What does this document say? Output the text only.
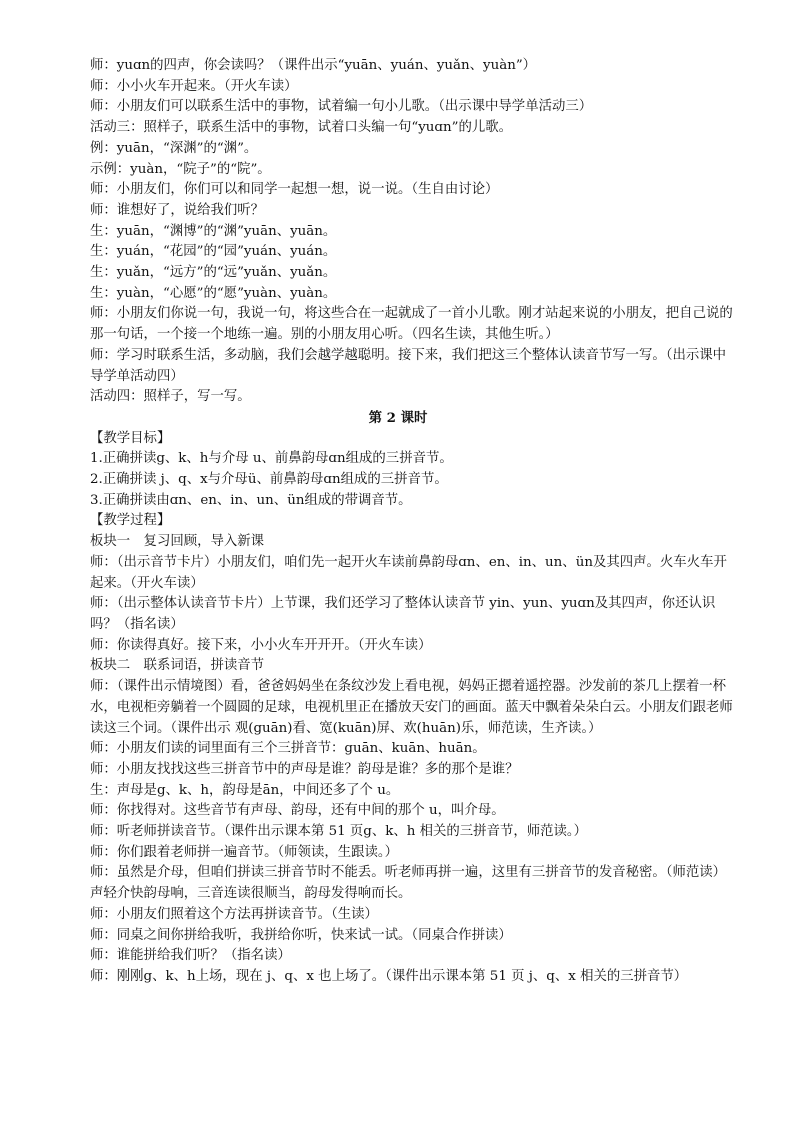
师：yuɑn的四声，你会读吗？（课件出示“yuān、yuán、yuǎn、yuàn”）
师：小小火车开起来。（开火车读）
师：小朋友们可以联系生活中的事物，试着编一句小儿歌。（出示课中导学单活动三）
活动三：照样子，联系生活中的事物，试着口头编一句“yuɑn”的儿歌。
例：yuān，“深渊”的“渊”。
示例：yuàn，“院子”的“院”。
师：小朋友们，你们可以和同学一起想一想，说一说。（生自由讨论）
师：谁想好了，说给我们听？
生：yuān，“渊博”的“渊”yuān、yuān。
生：yuán，“花园”的“园”yuán、yuán。
生：yuǎn，“远方”的“远”yuǎn、yuǎn。
生：yuàn，“心愿”的“愿”yuàn、yuàn。
师：小朋友们你说一句，我说一句，将这些合在一起就成了一首小儿歌。刚才站起来说的小朋友，把自己说的那一句话，一个接一个地练一遍。别的小朋友用心听。（四名生读，其他生听。）
师：学习时联系生活，多动脑，我们会越学越聪明。接下来，我们把这三个整体认读音节写一写。（出示课中导学单活动四）
活动四：照样子，写一写。
第 2 课时
【教学目标】
1.正确拼读g、k、h与介母 u、前鼻韵母ɑn组成的三拼音节。
2.正确拼读 j、q、x与介母ü、前鼻韵母ɑn组成的三拼音节。
3.正确拼读由ɑn、en、in、un、ün组成的带调音节。
【教学过程】
板块一　复习回顾，导入新课
师：（出示音节卡片）小朋友们，咱们先一起开火车读前鼻韵母ɑn、en、in、un、ün及其四声。火车火车开起来。（开火车读）
师：（出示整体认读音节卡片）上节课，我们还学习了整体认读音节 yin、yun、yuɑn及其四声，你还认识吗？（指名读）
师：你读得真好。接下来，小小火车开开开。（开火车读）
板块二　联系词语，拼读音节
师：（课件出示情境图）看，爸爸妈妈坐在条纹沙发上看电视，妈妈正摁着遥控器。沙发前的茶几上摆着一杯水，电视柜旁躺着一个圆圆的足球，电视机里正在播放天安门的画面。蓝天中飘着朵朵白云。小朋友们跟老师读这三个词。（课件出示 观(guān)看、宽(kuān)屏、欢(huān)乐，师范读，生齐读。）
师：小朋友们读的词里面有三个三拼音节：guān、kuān、huān。
师：小朋友找找这些三拼音节中的声母是谁？韵母是谁？多的那个是谁？
生：声母是g、k、h，韵母是ān，中间还多了个 u。
师：你找得对。这些音节有声母、韵母，还有中间的那个 u，叫介母。
师：听老师拼读音节。（课件出示课本第 51 页g、k、h 相关的三拼音节，师范读。）
师：你们跟着老师拼一遍音节。（师领读，生跟读。）
师：虽然是介母，但咱们拼读三拼音节时不能丢。听老师再拼一遍，这里有三拼音节的发音秘密。（师范读）
声轻介快韵母响，三音连读很顺当，韵母发得响而长。
师：小朋友们照着这个方法再拼读音节。（生读）
师：同桌之间你拼给我听，我拼给你听，快来试一试。（同桌合作拼读）
师：谁能拼给我们听？（指名读）
师：刚刚g、k、h上场，现在 j、q、x 也上场了。（课件出示课本第 51 页 j、q、x 相关的三拼音节）
